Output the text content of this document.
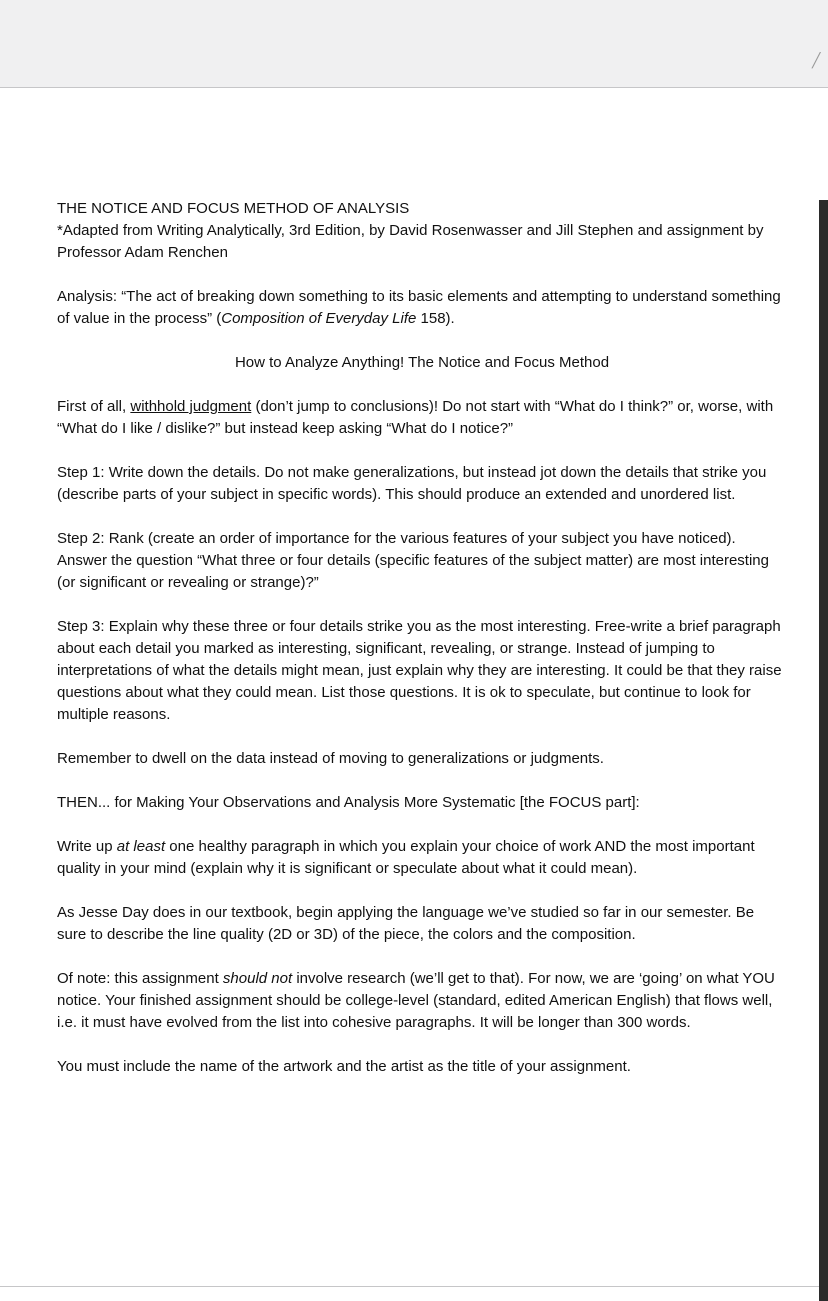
╱

THE NOTICE AND FOCUS METHOD OF ANALYSIS

*Adapted from Writing Analytically, 3rd Edition, by David Rosenwasser and Jill Stephen and assignment by Professor Adam Renchen

Analysis: “The act of breaking down something to its basic elements and attempting to understand something of value in the process” (Composition of Everyday Life 158).

How to Analyze Anything! The Notice and Focus Method

First of all, withhold judgment (don’t jump to conclusions)! Do not start with “What do I think?” or, worse, with “What do I like / dislike?” but instead keep asking “What do I notice?”

Step 1: Write down the details. Do not make generalizations, but instead jot down the details that strike you (describe parts of your subject in specific words). This should produce an extended and unordered list.

Step 2: Rank (create an order of importance for the various features of your subject you have noticed). Answer the question “What three or four details (specific features of the subject matter) are most interesting (or significant or revealing or strange)?”

Step 3: Explain why these three or four details strike you as the most interesting. Free-write a brief paragraph about each detail you marked as interesting, significant, revealing, or strange. Instead of jumping to interpretations of what the details might mean, just explain why they are interesting. It could be that they raise questions about what they could mean. List those questions. It is ok to speculate, but continue to look for multiple reasons.

Remember to dwell on the data instead of moving to generalizations or judgments.

THEN... for Making Your Observations and Analysis More Systematic [the FOCUS part]:

Write up at least one healthy paragraph in which you explain your choice of work AND the most important quality in your mind (explain why it is significant or speculate about what it could mean).

As Jesse Day does in our textbook, begin applying the language we’ve studied so far in our semester. Be sure to describe the line quality (2D or 3D) of the piece, the colors and the composition.

Of note: this assignment should not involve research (we’ll get to that). For now, we are ‘going’ on what YOU notice. Your finished assignment should be college-level (standard, edited American English) that flows well, i.e. it must have evolved from the list into cohesive paragraphs. It will be longer than 300 words.

You must include the name of the artwork and the artist as the title of your assignment.
